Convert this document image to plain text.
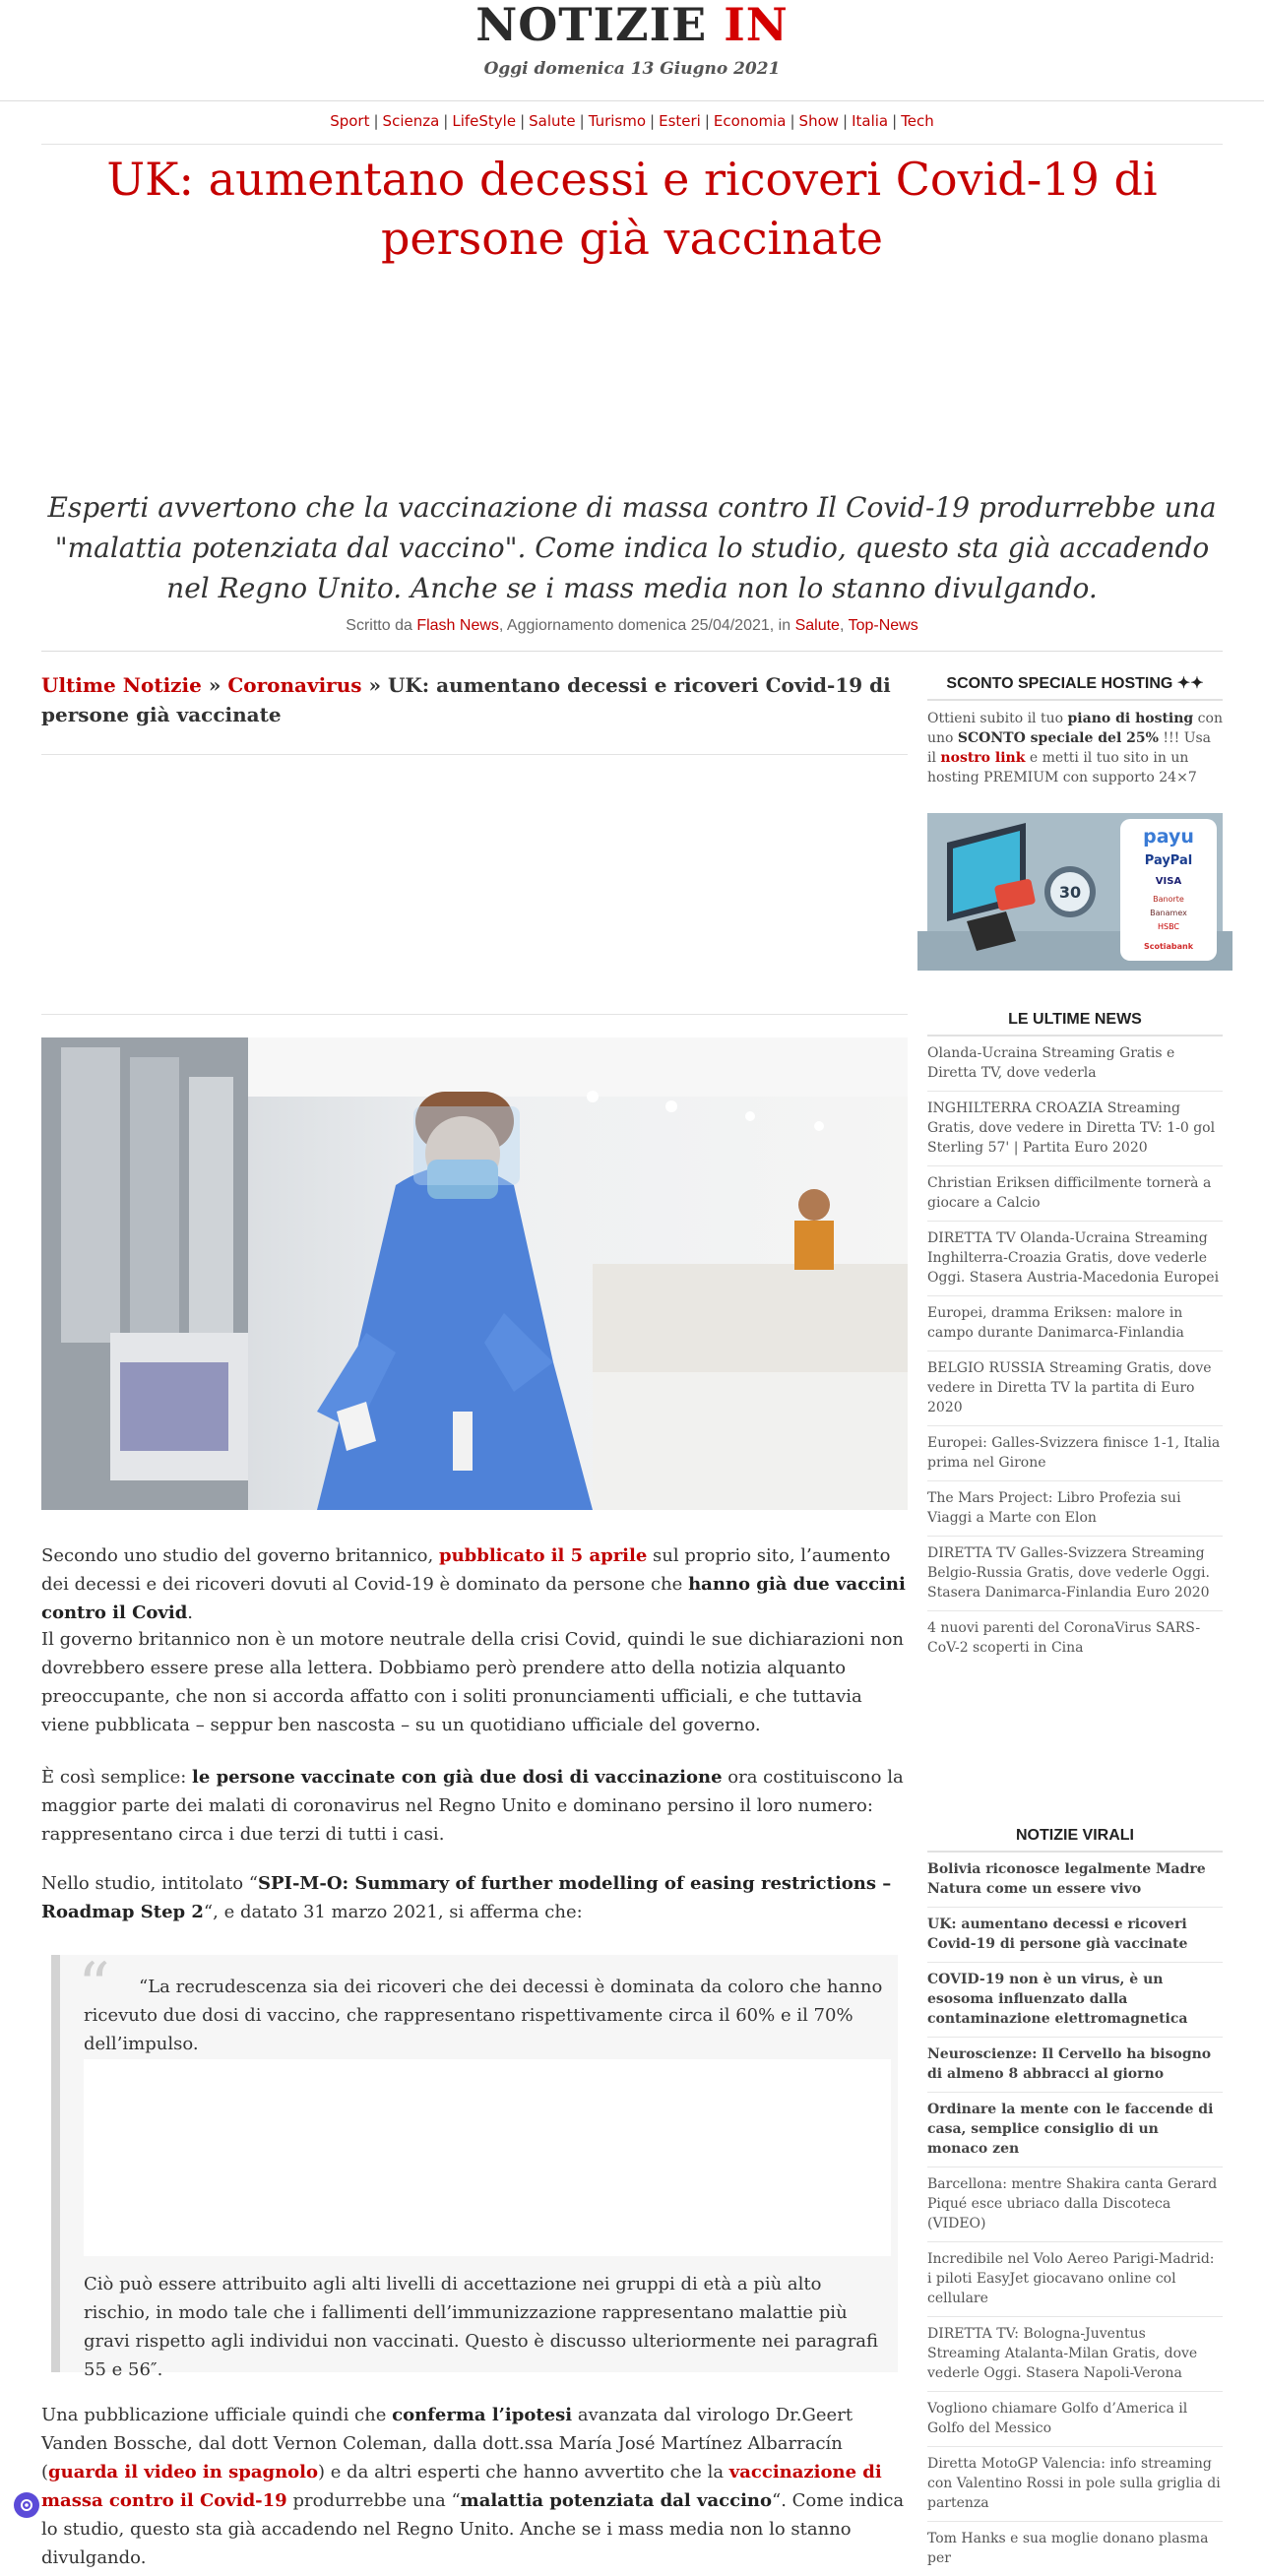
NOTIZIE IN
Oggi domenica 13 Giugno 2021
Sport | Scienza | LifeStyle | Salute | Turismo | Esteri | Economia | Show | Italia | Tech
UK: aumentano decessi e ricoveri Covid-19 di persone già vaccinate

Esperti avvertono che la vaccinazione di massa contro Il Covid-19 produrrebbe una "malattia potenziata dal vaccino". Come indica lo studio, questo sta già accadendo nel Regno Unito. Anche se i mass media non lo stanno divulgando.

Scritto da Flash News, Aggiornamento domenica 25/04/2021, in Salute, Top-News
Ultime Notizie » Coronavirus » UK: aumentano decessi e ricoveri Covid-19 di persone già vaccinate

Secondo uno studio del governo britannico, pubblicato il 5 aprile sul proprio sito, l’aumento dei decessi e dei ricoveri dovuti al Covid-19 è dominato da persone che hanno già due vaccini contro il Covid.

Il governo britannico non è un motore neutrale della crisi Covid, quindi le sue dichiarazioni non dovrebbero essere prese alla lettera. Dobbiamo però prendere atto della notizia alquanto preoccupante, che non si accorda affatto con i soliti pronunciamenti ufficiali, e che tuttavia viene pubblicata – seppur ben nascosta – su un quotidiano ufficiale del governo.

È così semplice: le persone vaccinate con già due dosi di vaccinazione ora costituiscono la maggior parte dei malati di coronavirus nel Regno Unito e dominano persino il loro numero: rappresentano circa i due terzi di tutti i casi.

Nello studio, intitolato “SPI-M-O: Summary of further modelling of easing restrictions – Roadmap Step 2“, e datato 31 marzo 2021, si afferma che:

“	“La recrudescenza sia dei ricoveri che dei decessi è dominata da coloro che hanno ricevuto due dosi di vaccino, che rappresentano rispettivamente circa il 60% e il 70% dell’impulso.

Ciò può essere attribuito agli alti livelli di accettazione nei gruppi di età a più alto rischio, in modo tale che i fallimenti dell’immunizzazione rappresentano malattie più gravi rispetto agli individui non vaccinati. Questo è discusso ulteriormente nei paragrafi 55 e 56″.

Una pubblicazione ufficiale quindi che conferma l’ipotesi avanzata dal virologo Dr.Geert Vanden Bossche, dal dott Vernon Coleman, dalla dott.ssa María José Martínez Albarracín (guarda il video in spagnolo) e da altri esperti che hanno avvertito che la vaccinazione di massa contro il Covid-19 produrrebbe una “malattia potenziata dal vaccino“. Come indica lo studio, questo sta già accadendo nel Regno Unito. Anche se i mass media non lo stanno divulgando.

SCONTO SPECIALE HOSTING ✦✦

Ottieni subito il tuo piano di hosting con uno SCONTO speciale del 25% !!! Usa il nostro link e metti il tuo sito in un hosting PREMIUM con supporto 24×7

30
payu
PayPal
VISA
Banorte
Banamex
HSBC
Scotiabank
LE ULTIME NEWS
Olanda-Ucraina Streaming Gratis e Diretta TV, dove vederla
INGHILTERRA CROAZIA Streaming Gratis, dove vedere in Diretta TV: 1-0 gol Sterling 57' | Partita Euro 2020
Christian Eriksen difficilmente tornerà a giocare a Calcio
DIRETTA TV Olanda-Ucraina Streaming Inghilterra-Croazia Gratis, dove vederle Oggi. Stasera Austria-Macedonia Europei
Europei, dramma Eriksen: malore in campo durante Danimarca-Finlandia
BELGIO RUSSIA Streaming Gratis, dove vedere in Diretta TV la partita di Euro 2020
Europei: Galles-Svizzera finisce 1-1, Italia prima nel Girone
The Mars Project: Libro Profezia sui Viaggi a Marte con Elon
DIRETTA TV Galles-Svizzera Streaming Belgio-Russia Gratis, dove vederle Oggi. Stasera Danimarca-Finlandia Euro 2020
4 nuovi parenti del CoronaVirus SARS-CoV-2 scoperti in Cina
NOTIZIE VIRALI
Bolivia riconosce legalmente Madre Natura come un essere vivo
UK: aumentano decessi e ricoveri Covid-19 di persone già vaccinate
COVID-19 non è un virus, è un esosoma influenzato dalla contaminazione elettromagnetica
Neuroscienze: Il Cervello ha bisogno di almeno 8 abbracci al giorno
Ordinare la mente con le faccende di casa, semplice consiglio di un monaco zen
Barcellona: mentre Shakira canta Gerard Piqué esce ubriaco dalla Discoteca (VIDEO)
Incredibile nel Volo Aereo Parigi-Madrid: i piloti EasyJet giocavano online col cellulare
DIRETTA TV: Bologna-Juventus Streaming Atalanta-Milan Gratis, dove vederle Oggi. Stasera Napoli-Verona
Vogliono chiamare Golfo d’America il Golfo del Messico
Diretta MotoGP Valencia: info streaming con Valentino Rossi in pole sulla griglia di partenza
Tom Hanks e sua moglie donano plasma per
